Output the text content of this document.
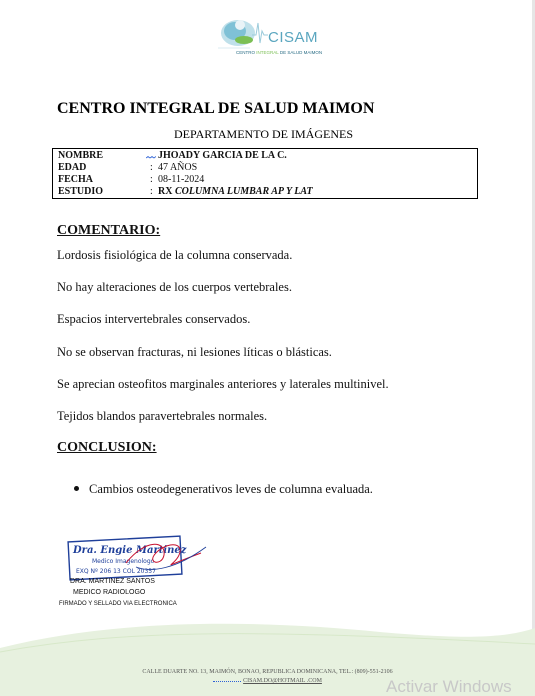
CISAM
CENTRO INTEGRAL DE SALUD MAIMON
CENTRO INTEGRAL DE SALUD MAIMON
DEPARTAMENTO DE IMÁGENES
NOMBRE	JHOADY GARCIA DE LA C.
EDAD	: 47 AÑOS
FECHA	: 08-11-2024
ESTUDIO	: RX COLUMNA LUMBAR AP Y LAT
COMENTARIO:
Lordosis fisiológica de la columna conservada.
No hay alteraciones de los cuerpos vertebrales.
Espacios intervertebrales conservados.
No se observan fracturas, ni lesiones líticas o blásticas.
Se aprecian osteofitos marginales anteriores y laterales multinivel.
Tejidos blandos paravertebrales normales.
CONCLUSION:
Cambios osteodegenerativos leves de columna evaluada.
Dra. Engie Martinez
Medico Imagenologo
EXQ Nº 206 13 COL 20357
DRA. MARTINEZ SANTOS
MEDICO RADIOLOGO
FIRMADO Y SELLADO VIA ELECTRONICA
CALLE DUARTE NO. 13, MAIMÓN, BONAO, REPUBLICA DOMINICANA, TEL.: (809)-551-2106
CISAM.DO@HOTMAIL .COM	Activar Windows
